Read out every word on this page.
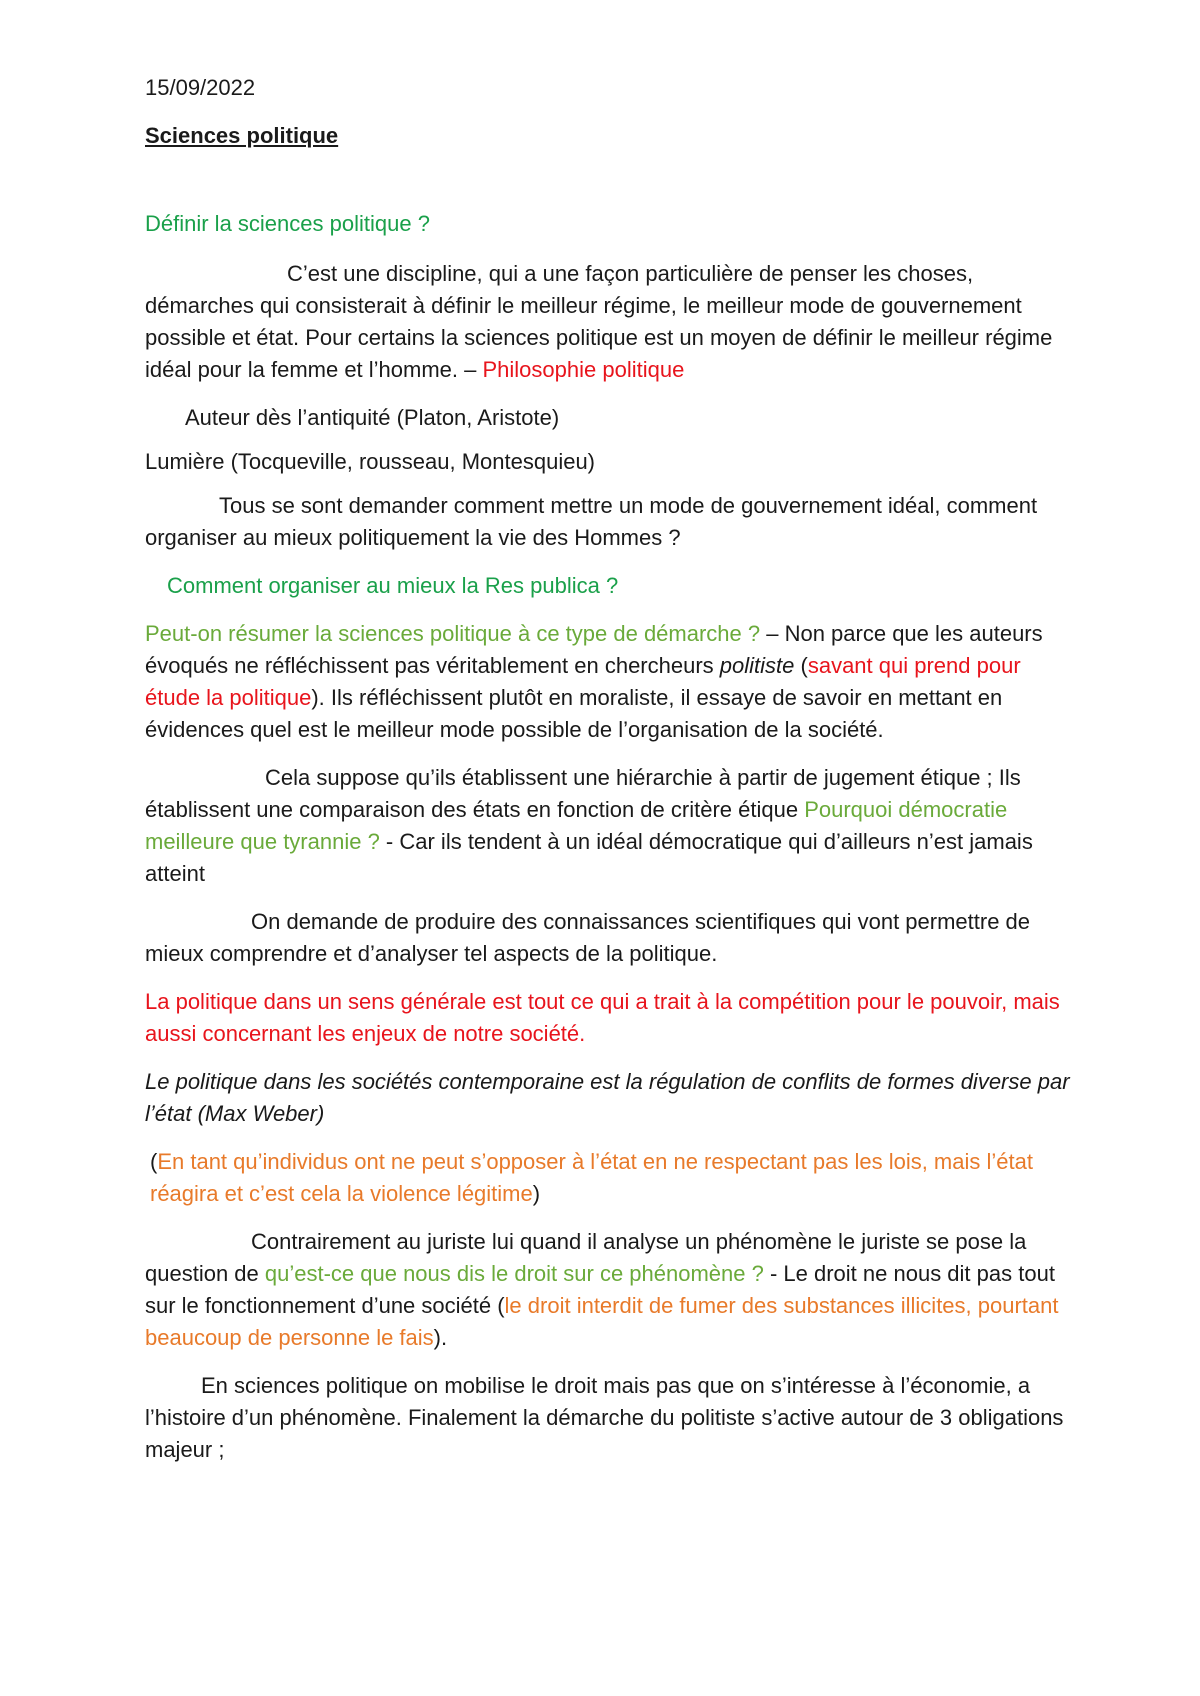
15/09/2022

Sciences politique

Définir la sciences politique ?

C’est une discipline, qui a une façon particulière de penser les choses, démarches qui consisterait à définir le meilleur régime, le meilleur mode de gouvernement possible et état. Pour certains la sciences politique est un moyen de définir le meilleur régime idéal pour la femme et l’homme. – Philosophie politique

Auteur dès l’antiquité (Platon, Aristote)

Lumière (Tocqueville, rousseau, Montesquieu)

Tous se sont demander comment mettre un mode de gouvernement idéal, comment organiser au mieux politiquement la vie des Hommes ?

Comment organiser au mieux la Res publica ?

Peut-on résumer la sciences politique à ce type de démarche ? – Non parce que les auteurs évoqués ne réfléchissent pas véritablement en chercheurs politiste (savant qui prend pour étude la politique). Ils réfléchissent plutôt en moraliste, il essaye de savoir en mettant en évidences quel est le meilleur mode possible de l’organisation de la société.

Cela suppose qu’ils établissent une hiérarchie à partir de jugement étique ; Ils établissent une comparaison des états en fonction de critère étique Pourquoi démocratie meilleure que tyrannie ? - Car ils tendent à un idéal démocratique qui d’ailleurs n’est jamais atteint

On demande de produire des connaissances scientifiques qui vont permettre de mieux comprendre et d’analyser tel aspects de la politique.

La politique dans un sens générale est tout ce qui a trait à la compétition pour le pouvoir, mais aussi concernant les enjeux de notre société.

Le politique dans les sociétés contemporaine est la régulation de conflits de formes diverse par l’état (Max Weber)

(En tant qu’individus ont ne peut s’opposer à l’état en ne respectant pas les lois, mais l’état réagira et c’est cela la violence légitime)

Contrairement au juriste lui quand il analyse un phénomène le juriste se pose la question de qu’est-ce que nous dis le droit sur ce phénomène ? - Le droit ne nous dit pas tout sur le fonctionnement d’une société (le droit interdit de fumer des substances illicites, pourtant beaucoup de personne le fais).

En sciences politique on mobilise le droit mais pas que on s’intéresse à l’économie, a l’histoire d’un phénomène. Finalement la démarche du politiste s’active autour de 3 obligations majeur ;
